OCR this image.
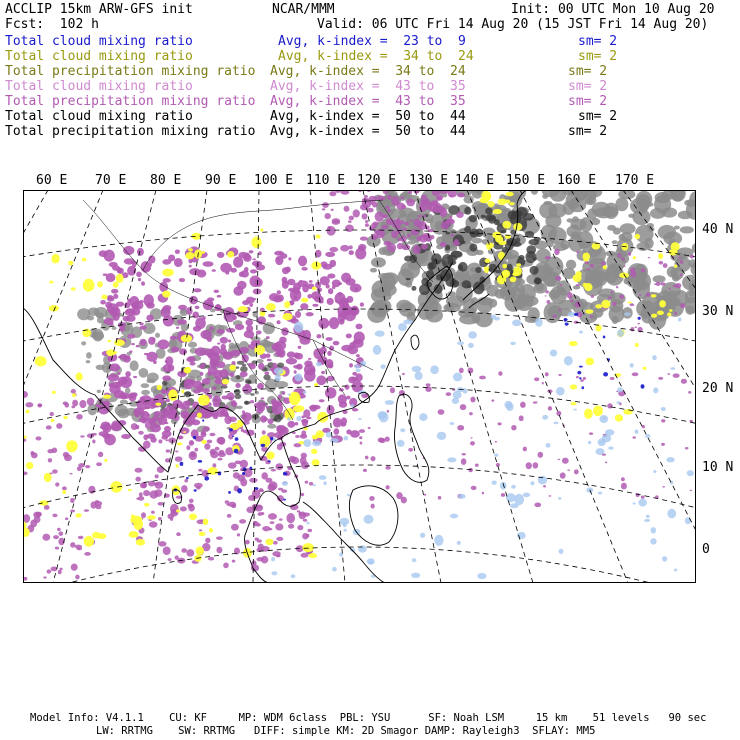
ACCLIP 15km ARW-GFS init	NCAR/MMM	Init: 00 UTC Mon 10 Aug 20
Fcst:  102 h	Valid: 06 UTC Fri 14 Aug 20 (15 JST Fri 14 Aug 20)
Total cloud mixing ratio	Avg, k-index =  23 to  9	sm= 2
Total cloud mixing ratio	Avg, k-index =  34 to  24	sm= 2
Total precipitation mixing ratio Avg, k-index =  34 to  24	sm= 2
Total cloud mixing ratio	Avg, k-index =  43 to  35	sm= 2
Total precipitation mixing ratio Avg, k-index =  43 to  35	sm= 2
Total cloud mixing ratio	Avg, k-index =  50 to  44	sm= 2
Total precipitation mixing ratio Avg, k-index =  50 to  44	sm= 2
60 E 70 E 80 E 90 E 100 E 110 E 120 E 130 E 140 E 150 E 160 E 170 E
40 N
30 N
20 N
10 N
0
Model Info: V4.1.1    CU: KF     MP: WDM 6class  PBL: YSU      SF: Noah LSM     15 km    51 levels   90 sec
LW: RRTMG    SW: RRTMG   DIFF: simple KM: 2D Smagor DAMP: Rayleigh3  SFLAY: MM5
